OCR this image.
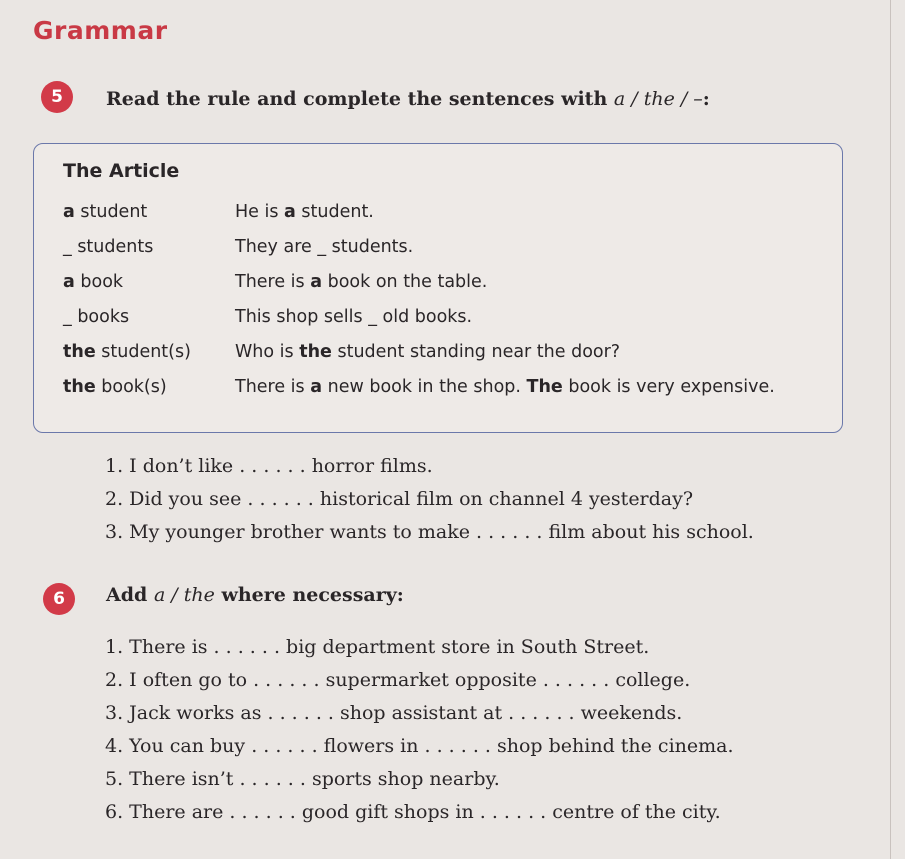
Grammar
5	Read the rule and complete the sentences with a / the / –:
The Article
a student	He is a student.
_ students	They are _ students.
a book	There is a book on the table.
_ books	This shop sells _ old books.
the student(s)	Who is the student standing near the door?
the book(s)	There is a new book in the shop. The book is very expensive.
1. I don’t like . . . . . . horror films.
2. Did you see . . . . . . historical film on channel 4 yesterday?
3. My younger brother wants to make . . . . . . film about his school.
6	Add a / the where necessary:
1. There is . . . . . . big department store in South Street.
2. I often go to . . . . . . supermarket opposite . . . . . . college.
3. Jack works as . . . . . . shop assistant at . . . . . . weekends.
4. You can buy . . . . . . flowers in . . . . . . shop behind the cinema.
5. There isn’t . . . . . . sports shop nearby.
6. There are . . . . . . good gift shops in . . . . . . centre of the city.
